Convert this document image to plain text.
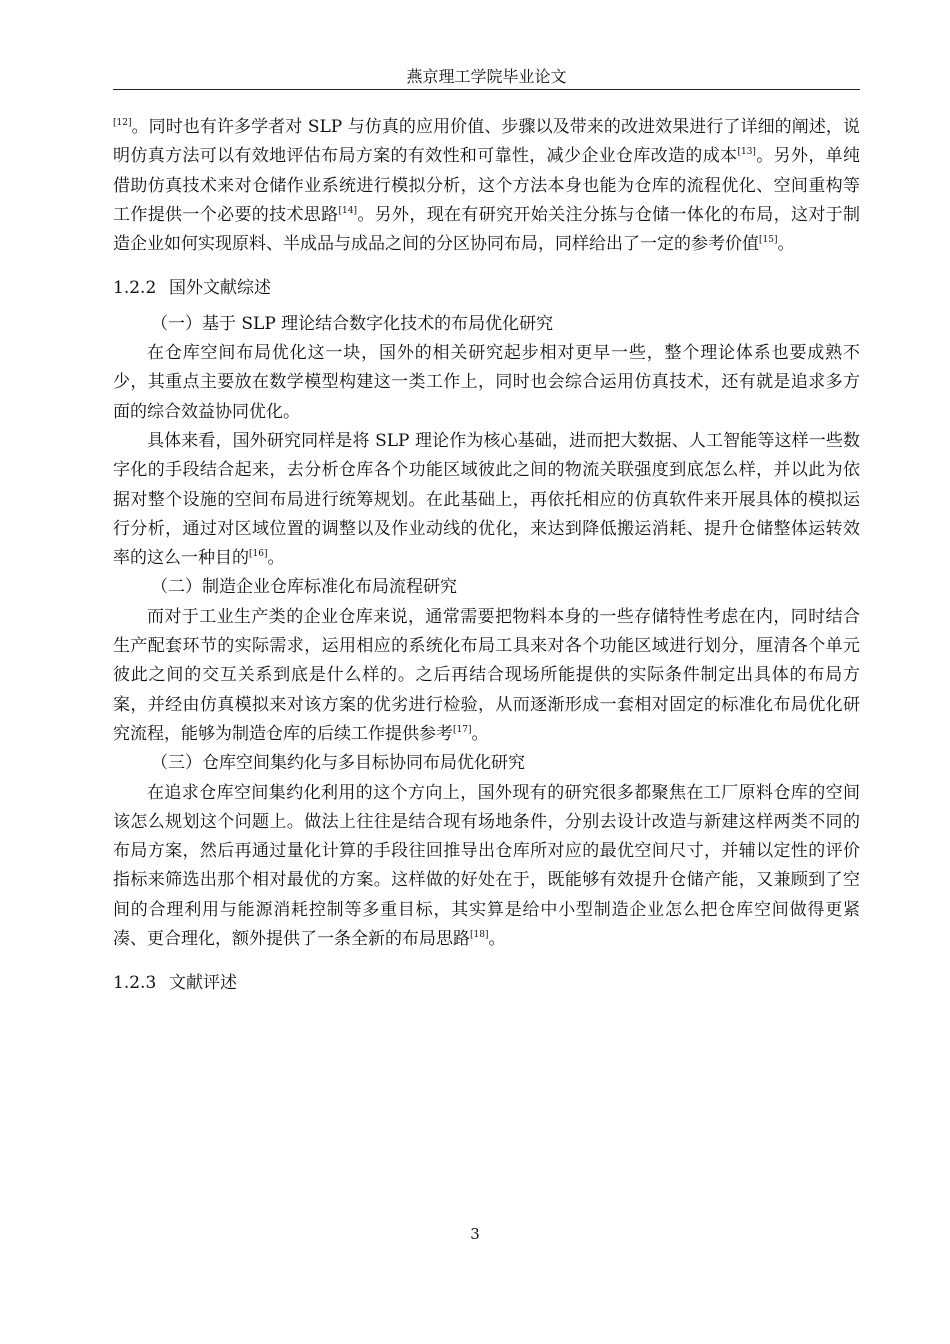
燕京理工学院毕业论文

[12]。同时也有许多学者对 SLP 与仿真的应用价值、步骤以及带来的改进效果进行了详细的阐述，说明仿真方法可以有效地评估布局方案的有效性和可靠性，减少企业仓库改造的成本[13]。另外，单纯借助仿真技术来对仓储作业系统进行模拟分析，这个方法本身也能为仓库的流程优化、空间重构等工作提供一个必要的技术思路[14]。另外，现在有研究开始关注分拣与仓储一体化的布局，这对于制造企业如何实现原料、半成品与成品之间的分区协同布局，同样给出了一定的参考价值[15]。

1.2.2 国外文献综述

（一）基于 SLP 理论结合数字化技术的布局优化研究

在仓库空间布局优化这一块，国外的相关研究起步相对更早一些，整个理论体系也要成熟不少，其重点主要放在数学模型构建这一类工作上，同时也会综合运用仿真技术，还有就是追求多方面的综合效益协同优化。

具体来看，国外研究同样是将 SLP 理论作为核心基础，进而把大数据、人工智能等这样一些数字化的手段结合起来，去分析仓库各个功能区域彼此之间的物流关联强度到底怎么样，并以此为依据对整个设施的空间布局进行统筹规划。在此基础上，再依托相应的仿真软件来开展具体的模拟运行分析，通过对区域位置的调整以及作业动线的优化，来达到降低搬运消耗、提升仓储整体运转效率的这么一种目的[16]。

（二）制造企业仓库标准化布局流程研究

而对于工业生产类的企业仓库来说，通常需要把物料本身的一些存储特性考虑在内，同时结合生产配套环节的实际需求，运用相应的系统化布局工具来对各个功能区域进行划分，厘清各个单元彼此之间的交互关系到底是什么样的。之后再结合现场所能提供的实际条件制定出具体的布局方案，并经由仿真模拟来对该方案的优劣进行检验，从而逐渐形成一套相对固定的标准化布局优化研究流程，能够为制造仓库的后续工作提供参考[17]。

（三）仓库空间集约化与多目标协同布局优化研究

在追求仓库空间集约化利用的这个方向上，国外现有的研究很多都聚焦在工厂原料仓库的空间该怎么规划这个问题上。做法上往往是结合现有场地条件，分别去设计改造与新建这样两类不同的布局方案，然后再通过量化计算的手段往回推导出仓库所对应的最优空间尺寸，并辅以定性的评价指标来筛选出那个相对最优的方案。这样做的好处在于，既能够有效提升仓储产能，又兼顾到了空间的合理利用与能源消耗控制等多重目标，其实算是给中小型制造企业怎么把仓库空间做得更紧凑、更合理化，额外提供了一条全新的布局思路[18]。

1.2.3 文献评述

3
